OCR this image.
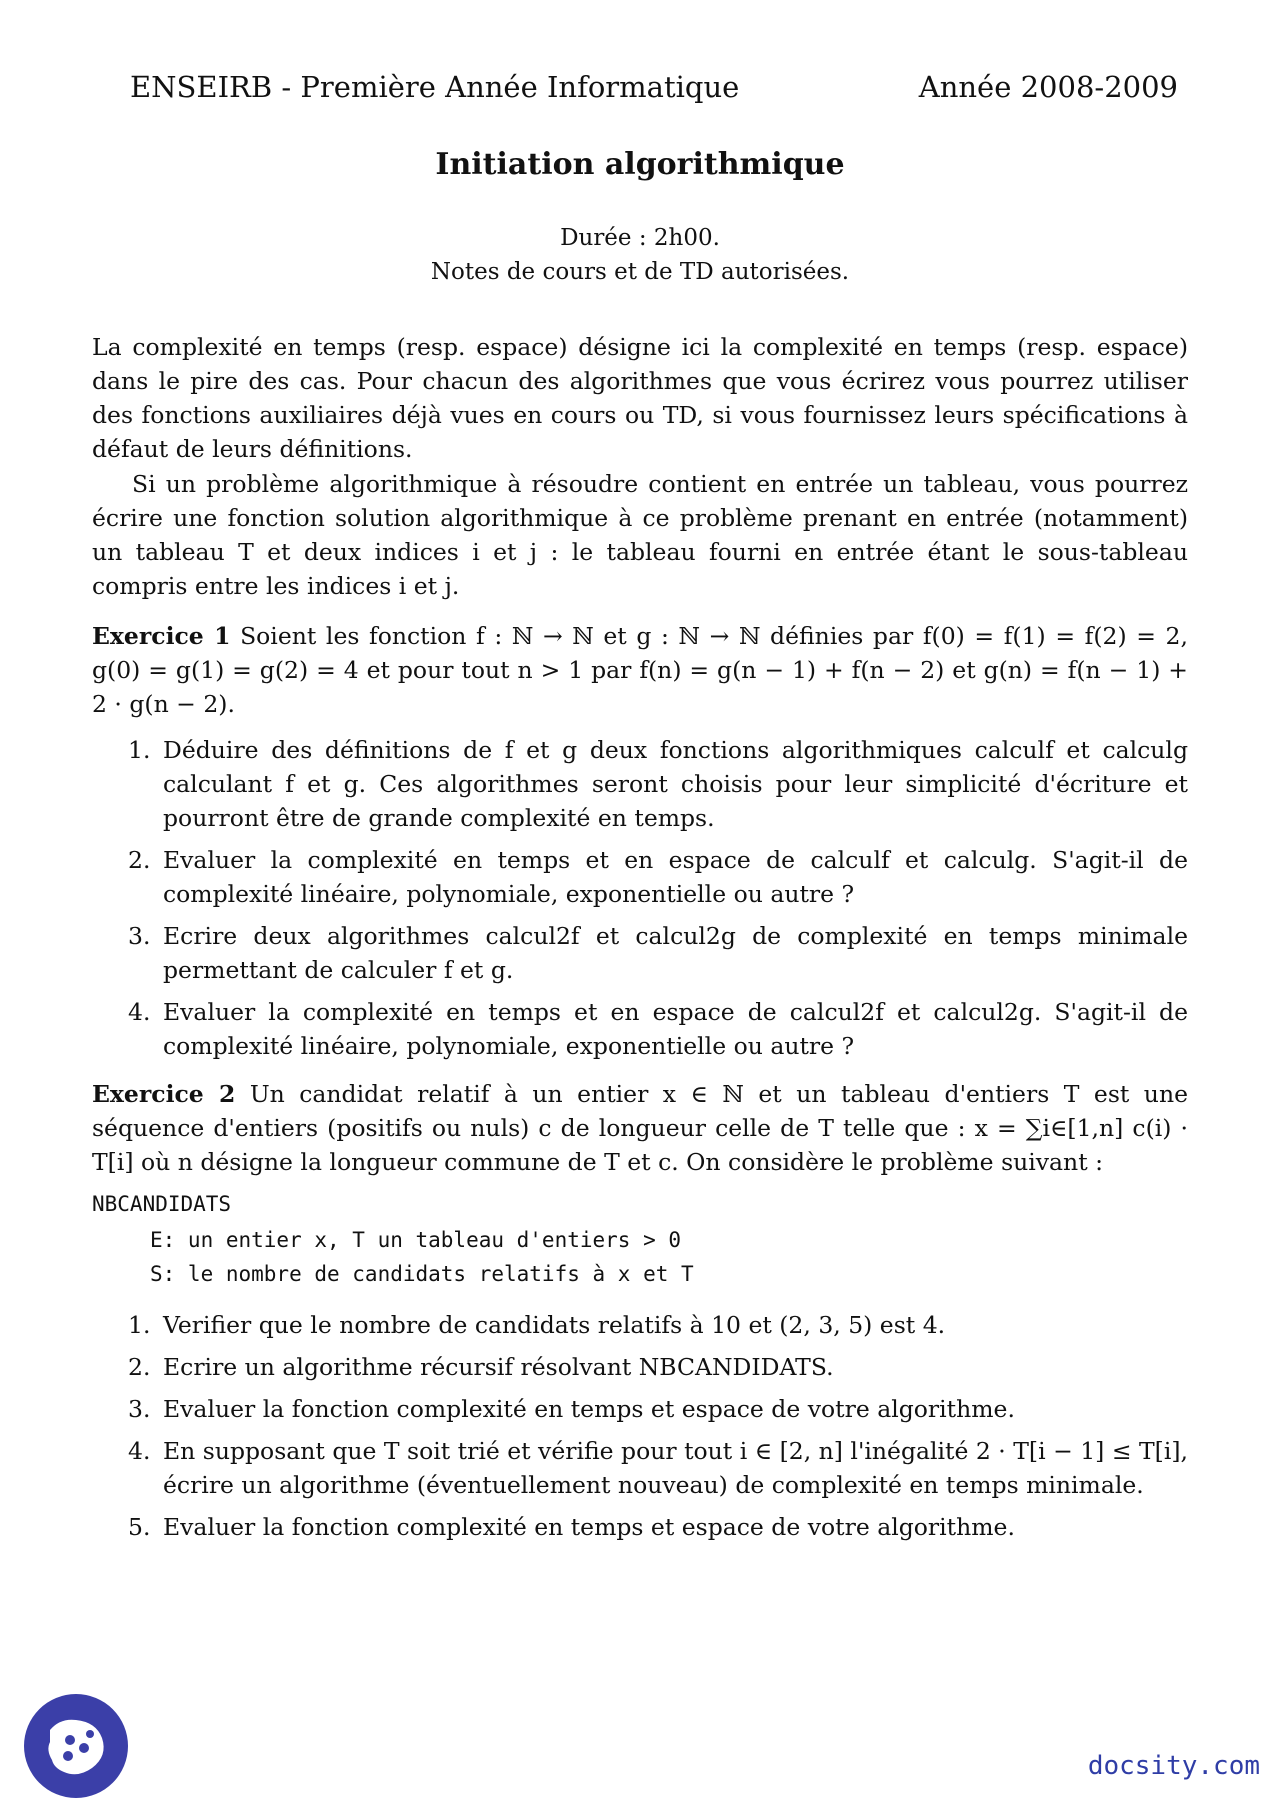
ENSEIRB - Première Année Informatique	Année 2008-2009
Initiation algorithmique
Durée : 2h00.
Notes de cours et de TD autorisées.
La complexité en temps (resp. espace) désigne ici la complexité en temps (resp. espace) dans le pire des cas. Pour chacun des algorithmes que vous écrirez vous pourrez utiliser des fonctions auxiliaires déjà vues en cours ou TD, si vous fournissez leurs spécifications à défaut de leurs définitions.
Si un problème algorithmique à résoudre contient en entrée un tableau, vous pourrez écrire une fonction solution algorithmique à ce problème prenant en entrée (notamment) un tableau T et deux indices i et j : le tableau fourni en entrée étant le sous-tableau compris entre les indices i et j.
Exercice 1 Soient les fonction f : ℕ → ℕ et g : ℕ → ℕ définies par f(0) = f(1) = f(2) = 2, g(0) = g(1) = g(2) = 4 et pour tout n > 1 par f(n) = g(n − 1) + f(n − 2) et g(n) = f(n − 1) + 2 · g(n − 2).
1. Déduire des définitions de f et g deux fonctions algorithmiques calculf et calculg calculant f et g. Ces algorithmes seront choisis pour leur simplicité d'écriture et pourront être de grande complexité en temps.
2. Evaluer la complexité en temps et en espace de calculf et calculg. S'agit-il de complexité linéaire, polynomiale, exponentielle ou autre ?
3. Ecrire deux algorithmes calcul2f et calcul2g de complexité en temps minimale permettant de calculer f et g.
4. Evaluer la complexité en temps et en espace de calcul2f et calcul2g. S'agit-il de complexité linéaire, polynomiale, exponentielle ou autre ?
Exercice 2 Un candidat relatif à un entier x ∈ ℕ et un tableau d'entiers T est une séquence d'entiers (positifs ou nuls) c de longueur celle de T telle que : x = ∑i∈[1,n] c(i) · T[i] où n désigne la longueur commune de T et c. On considère le problème suivant :
NBCANDIDATS
E: un entier x, T un tableau d'entiers > 0
S: le nombre de candidats relatifs à x et T
1. Verifier que le nombre de candidats relatifs à 10 et (2, 3, 5) est 4.
2. Ecrire un algorithme récursif résolvant NBCANDIDATS.
3. Evaluer la fonction complexité en temps et espace de votre algorithme.
4. En supposant que T soit trié et vérifie pour tout i ∈ [2, n] l'inégalité 2 · T[i − 1] ≤ T[i], écrire un algorithme (éventuellement nouveau) de complexité en temps minimale.
5. Evaluer la fonction complexité en temps et espace de votre algorithme.
docsity.com
